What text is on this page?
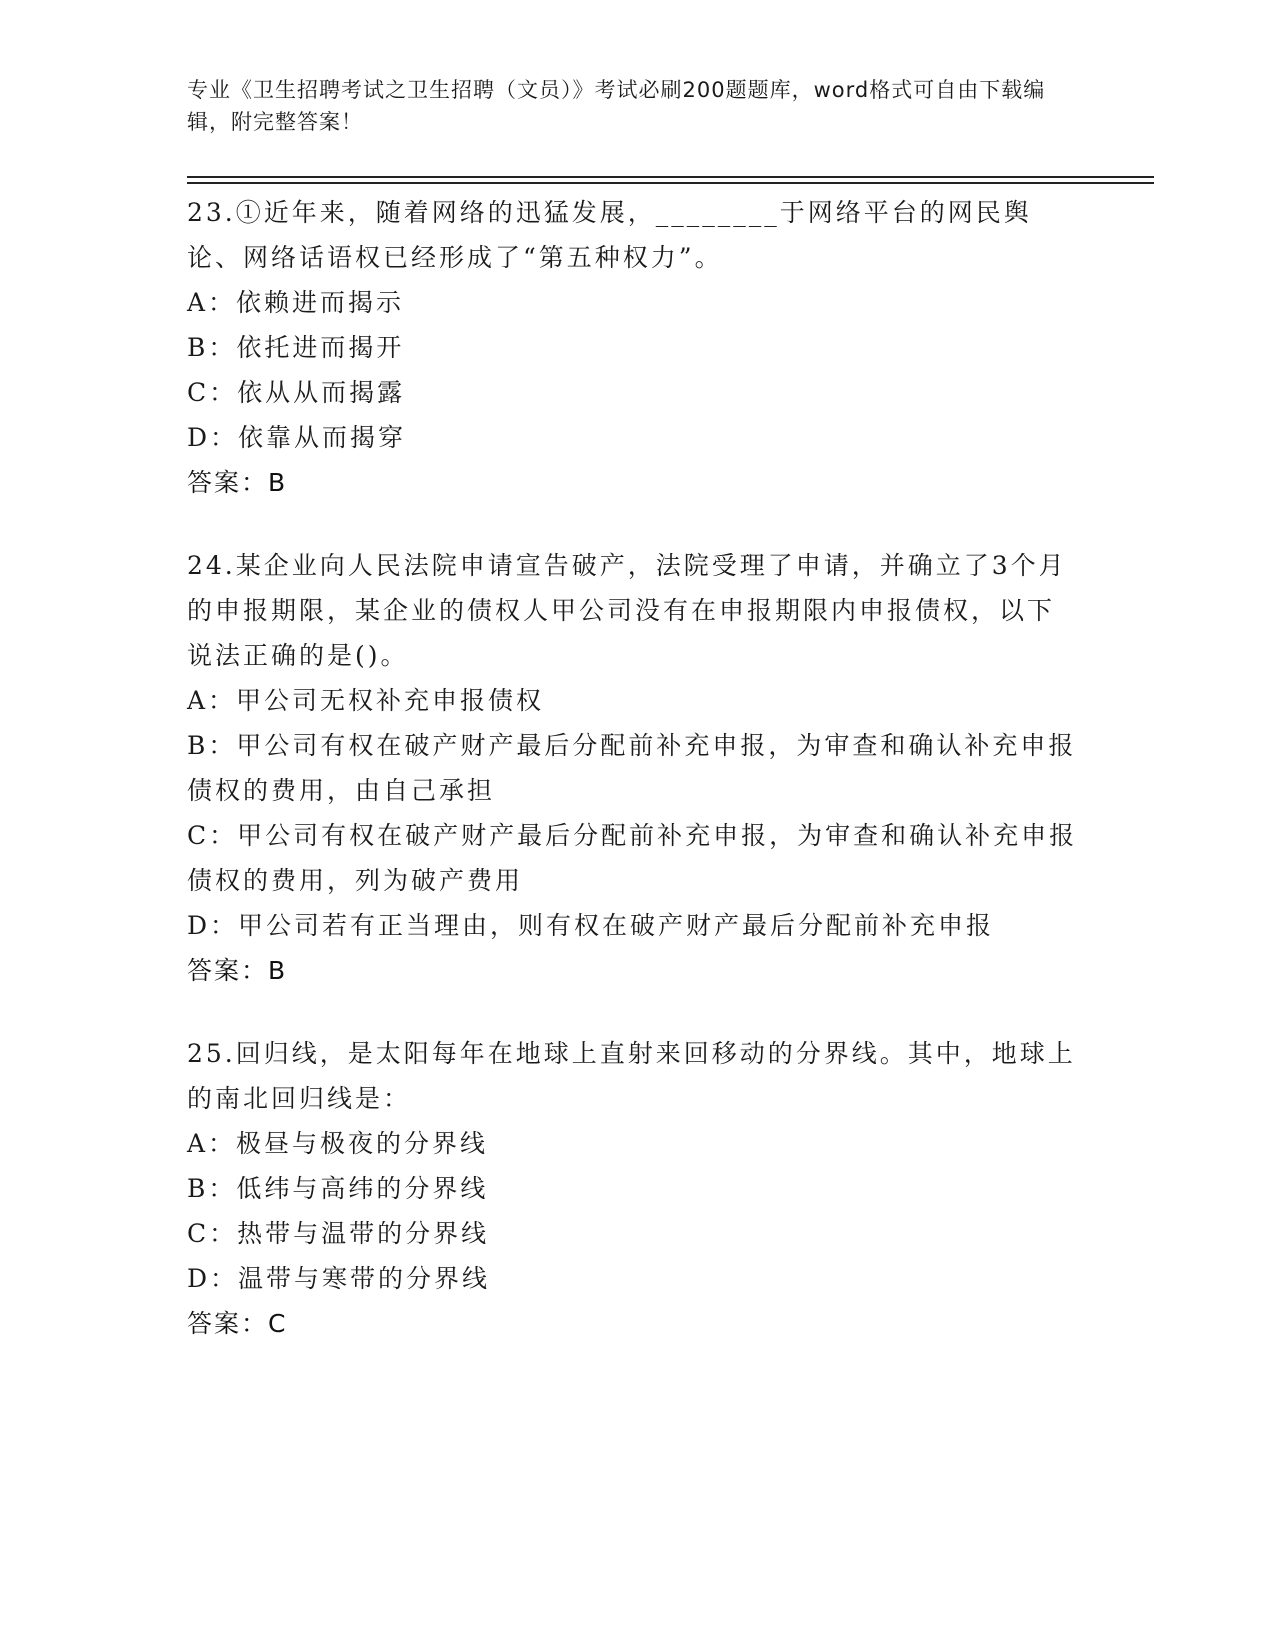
专业《卫生招聘考试之卫生招聘（文员）》考试必刷200题题库，word格式可自由下载编辑，附完整答案！

23.①近年来，随着网络的迅猛发展，________于网络平台的网民舆论、网络话语权已经形成了“第五种权力”。

A：依赖进而揭示

B：依托进而揭开

C：依从从而揭露

D：依靠从而揭穿

答案：B

24.某企业向人民法院申请宣告破产，法院受理了申请，并确立了3个月的申报期限，某企业的债权人甲公司没有在申报期限内申报债权，以下说法正确的是()。

A：甲公司无权补充申报债权

B：甲公司有权在破产财产最后分配前补充申报，为审查和确认补充申报债权的费用，由自己承担

C：甲公司有权在破产财产最后分配前补充申报，为审查和确认补充申报债权的费用，列为破产费用

D：甲公司若有正当理由，则有权在破产财产最后分配前补充申报

答案：B

25.回归线，是太阳每年在地球上直射来回移动的分界线。其中，地球上的南北回归线是：

A：极昼与极夜的分界线

B：低纬与高纬的分界线

C：热带与温带的分界线

D：温带与寒带的分界线

答案：C
